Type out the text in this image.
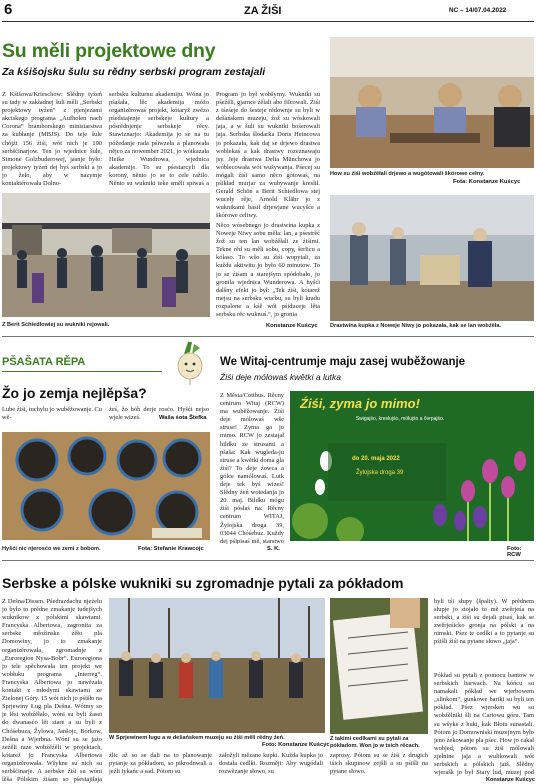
6	ZA ŽIŠI	NC – 14/07.04.2022
Su měli projektowe dny
Za kśišojsku šulu su rědny serbski program zestajali
Z Kśišowa/Krieschow: Slědny tyźeń su tady w zakładnej šuli měli „Serbski projektowy tyźeń“ z pjenjezami akciskego programa „Aufholen nach Corona“ bramborskego ministarstwa za kubłanje (MBJS). Do teje šule chójźi 156 źiśi, wót nich je 100 serbšćinarjow. Ten jo wjednice šule, Simone Golzbuderowej, jasnje było: projektowy tyźeń dej byś serbski a jo jo žeło, aby w nazymje kontaktérowała Dolno-
serbsku kulturnu akademiju. Wóna jo pšašała, lěc akademija móžo organizěrowaś projekt, kótaryž zwězo pśedstajenje serbskeje kultury a pósrědnjenje serbskeje rěcy. Stawiznarjo: Akademija jo se na tu póžedanje rada pśiwzeła a planowała nějco za nowember 2021, jo wótkazała Heike Wundrowa, wjednica akademije. To su pśestarcyli dla korony, něnto jo se to cele ražilo. Něnto su wukniki teke směli spiwaś a
Program jo był wobšyrny. Wukniki su pśeźěli, gjarnce źělali abo filcowali. Źiśi z tśeśeje do šesteje rědownje su byli w dešańskem muzeju, źož su wóskowali jaja, a w šuli su wukniki bośerowali jaja. Serbska šlodarka Doris Heincowa jo pokazała, kak daj se drjewo drastwa woblekaś a kak drastwy rozeznawaju jsy. Jeje drastwa Delia Münchowa jo wóblecowała wót wušywanja. Pśecej su mógali źiśi samo něco gótowaś, na pśikład murjar za wubywanje kreslił. Gerald Schön a Berit Schiedlowa stej wuceły rěje, Arnold Klähr jo z wuknikami basił drjewjane wucyšće a škórowe celtwy.
Něco wósebnego jo drastwina kupka z Noweje Niwy sobu měła: lan, a pśestrěć žož su ten lan wobźěłali ze źiśimi. Tekne rěd su měli sobu, copy, šerlicu a kólaso. To wšo su źiśi wopytali, za kuždu aktiwitu jo było 60 minutow. To jo se źiśam a starejšym spódobało, jo gronila wjednica Wunderowa. A hyšći dalšny efekt jo był: „Tek źiśi, kótarež mejsu na serbsku wucbu, su byli kradu rozpalone a kśě wót pśiduceje lěta serbsku rěc wuknuś.“, jo gronia
Konstanze Kuścyc
Z Berit Schiedlowiej su wukniki rejowali.
How su źiśi wobźěłali drjewo a wugótowali škórowe cełny.
Fota: Konstanze Kuścyc
Drastwina kupka z Noweje Niwy jo pokazała, kak se lan wobźěła.
PŠAŠATA RĚPA
Žo jo zemja nejlěpša?
Lube źiśi, tuchylu jo wuběžowanje. Cu wě-
źeś, žo bóh derje rosćo. Hyšći nejso wjele wiześ.	Waša śota Štefka
Hyšći nic njerosćo we zemi z bobom.	Fota: Stefanie Krawcojc
We Witaj-centrumje maju zasej wuběžowanje
Źiśi deje mólowaś kwětki a lutka
Z Města/Cottbus. Rěcny centrum Witaj (RCW) ma wuběžowanje. Źiśi deje mólowaś wše struse! Zyma ga jo mimo. RCW jo zestajał bildku ze strusami a pšaša: Kak wugleda-ju struse a kwětki doma gla źiśi? To deje źowca a gólce namólowaś. Lutk deje tek byś wiześ! Slědny źeń wotedanja jo 20. maj. Bildku mógu źiśi pósłaś na: Rěcny centrum WITAJ, Žylojska droga 39, 03044 Chóśebuz. Kuždy dej pśipisaś mě, starstwo
S. K.
Źiśi, zyma jo mimo!
Swigajśo, kreslujśo, mólujśo a čerpajśo.
do 20. maja 2022
Žylojska droga 39
Foto: RCW
Serbske a pólske wukniki su zgromadnje pytali za pókładom
Z Dešna/Dissen. Pśedrazdachu njeźelu jo było to prědne zmakanje tudejšych wuknikow z pólskimi skawtami. Francyska Albertowa, zagronita za serbske młoźinske źěło pla Domowiny, jo to zmakanje organizěrowała, zgromadnje z „Euroregion Nysa-Bobr“. Euroregiona jo tele spěchowała ten projekt we wobłuku programa „Interreg“. Francyska Albertowa jo nawězała kontakt z młodymi skawtami ze Zielonej Góry. 15 wót nich jo pśišło na Sprjewiny Ług pla Dešna. Wótmy so je lěsi wobźěłało, wóni su byli žasei do dwanasćo lět stare a su byli z Chóśebuza, Žylowa, Janšojc, Bórkow, Dešna a Wjerbna. Wóni su se jaźo zeźěli raze wobźěźěli w projektach, kótarež jo Francyska Albertowa organizěrowała. Wšykne su nich su serbšćinarje. A serbske źiśi su wóni lěša Pólskim źiśam so pśestajiłaja
W Sprjewinem ługu a w dešańskem muzeju su źiśi měli rědny źeń.
Foto: Konstanze Kuścyc
źlic až so se dali na to planowanje pytanje za pókładom, so pikrodnwali a jeźli tykańc a sad. Pótom su
załožyli mězane kupki. Kužda kupka jo dostała cedlki. Rozmějt: Aby wugódali rozwězanje słowo, su
Z takimi cedlkami su pytali za pókładom. Won jo w tsich rěcach.
zaprosy. Pótom su se źiśi z drugich tśich skupinow zejšli a su pśišli na pytane słowo.
byli tśi słupy (špalty). W prědnem słupje jo stojało to mě zwěrjeśa na serbski, a źiśi su dejali pisaś, kak se zwěrjeśicko gronja na pólski a na nimski. Pśez te cedlki a to pytanje su pśišli źiśi na pytane słowo „jaja“.
Pókład su pytali z pomocu bantow w serbskich barwach. Na kóńcu su namakali pókład we wjerbowem „slinkom“, gunkowe bariki su byli ten pókład. Pśez wjersken wu su wobźělniki šli na Cartowu góru. Tam su wšyke z huki, kak Błotu sunastali. Pótom jo Domowniski muzejnym było jeno źekowanje pla pśec. How jo cakał wobjed, pótom su źiśi mólowali zjełnine jaja a wulikowali wót serbskich a pólskich jatš. Slědny wjerašk jo był Stary lud, muzej pod
Konstanze Kuścyc
